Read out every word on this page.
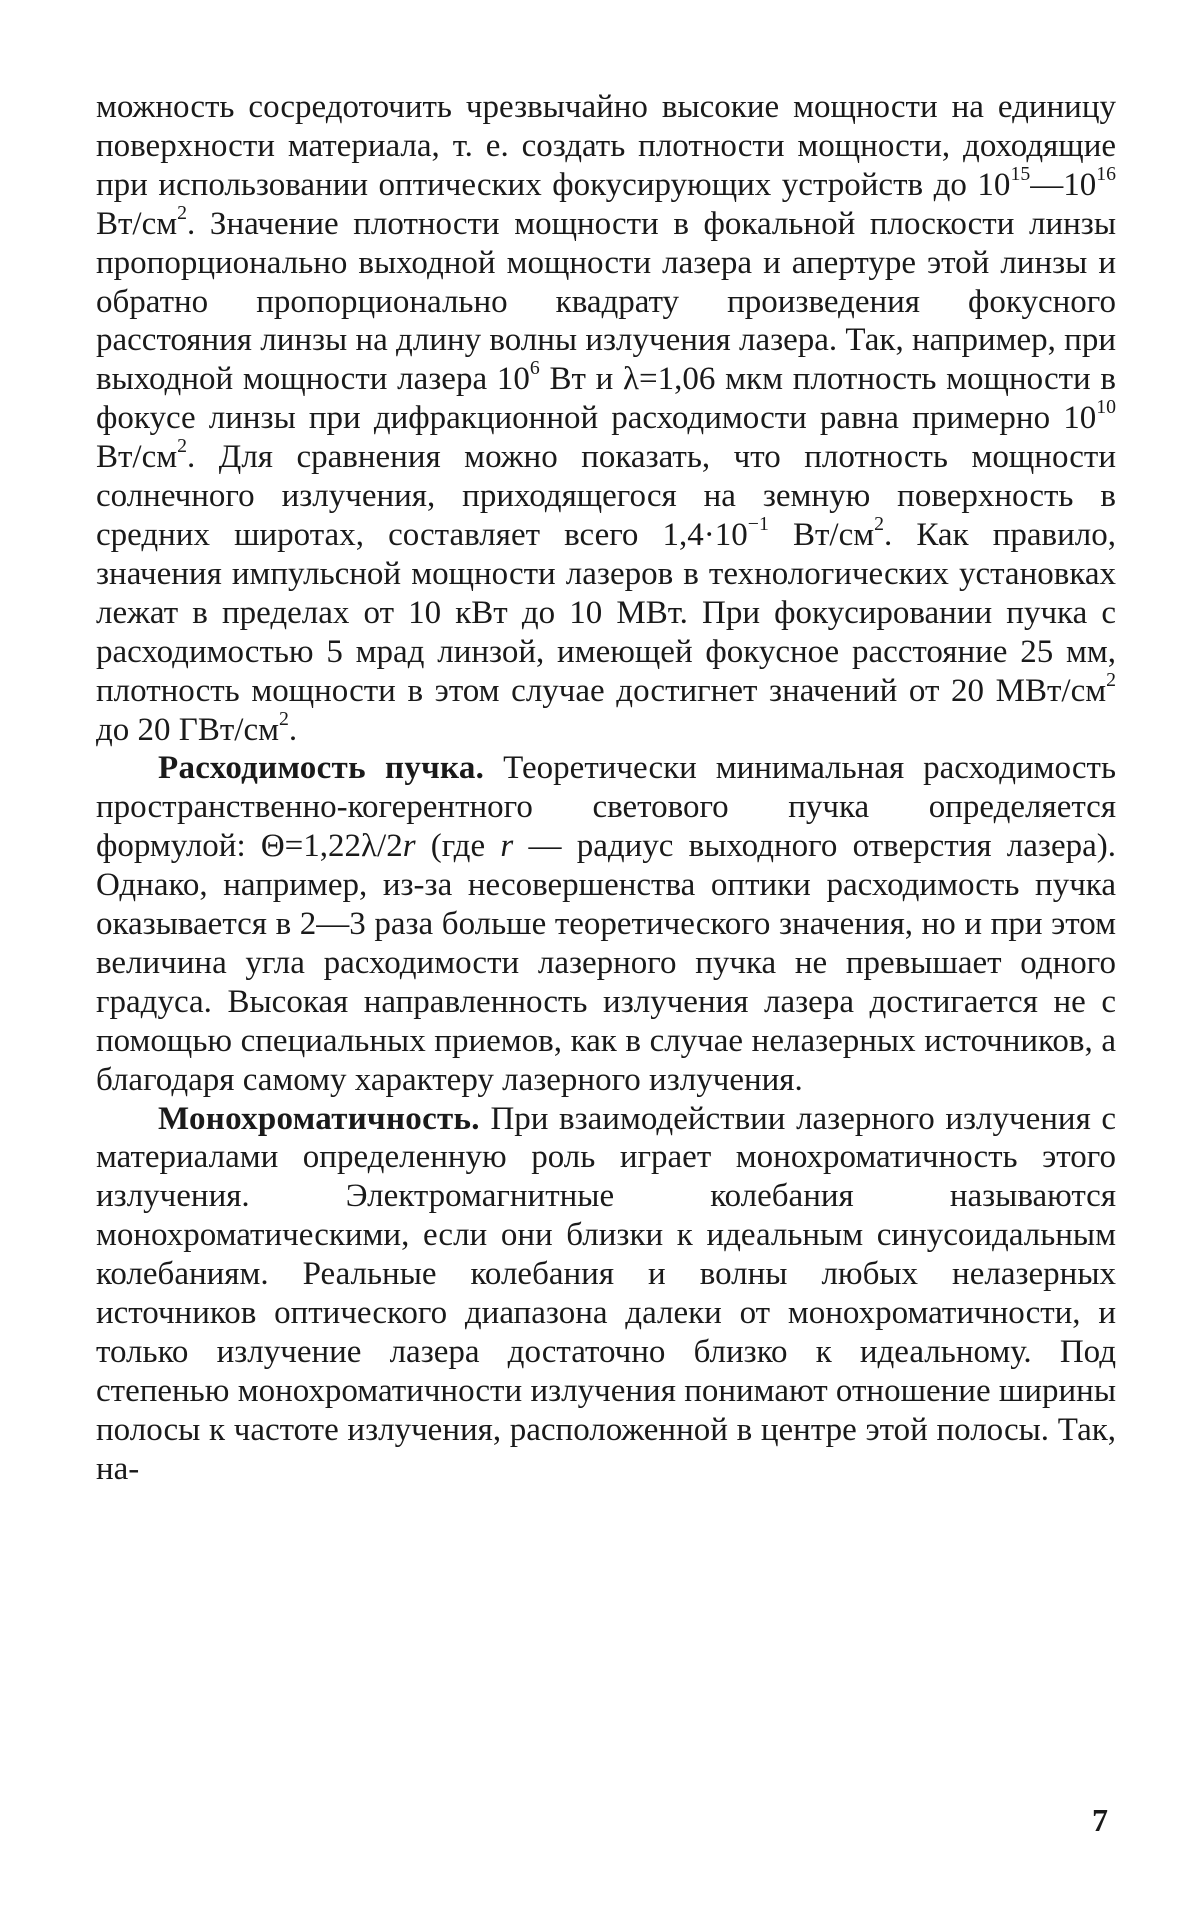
можность сосредоточить чрезвычайно высокие мощности на единицу поверхности материала, т. е. создать плотности мощности, доходящие при использовании оптических фокусирующих устройств до $10^{15}—10^{16}$ $Вт/см^2$. Значение плотности мощности в фокальной плоскости линзы пропорционально выходной мощности лазера и апертуре этой линзы и обратно пропорционально квадрату произведения фокусного расстояния линзы на длину волны излучения лазера. Так, например, при выходной мощности лазера $10^6$ Вт и λ=1,06 мкм плотность мощности в фокусе линзы при дифракционной расходимости равна примерно $10^{10}$ $Вт/см^2$. Для сравнения можно показать, что плотность мощности солнечного излучения, приходящегося на земную поверхность в средних широтах, составляет всего $1,4\cdot 10^{-1}$ $Вт/см^2$. Как правило, значения импульсной мощности лазеров в технологических установках лежат в пределах от 10 кВт до 10 МВт. При фокусировании пучка с расходимостью 5 мрад линзой, имеющей фокусное расстояние 25 мм, плотность мощности в этом случае достигнет значений от 20 МВт/$см^2$ до 20 ГВт/$см^2$.

Расходимость пучка. Теоретически минимальная расходимость пространственно-когерентного светового пучка определяется формулой: Θ=1,22λ/2r (где r — радиус выходного отверстия лазера). Однако, например, из-за несовершенства оптики расходимость пучка оказывается в 2—3 раза больше теоретического значения, но и при этом величина угла расходимости лазерного пучка не превышает одного градуса. Высокая направленность излучения лазера достигается не с помощью специальных приемов, как в случае нелазерных источников, а благодаря самому характеру лазерного излучения.

Монохроматичность. При взаимодействии лазерного излучения с материалами определенную роль играет монохроматичность этого излучения. Электромагнитные колебания называются монохроматическими, если они близки к идеальным синусоидальным колебаниям. Реальные колебания и волны любых нелазерных источников оптического диапазона далеки от монохроматичности, и только излучение лазера достаточно близко к идеальному. Под степенью монохроматичности излучения понимают отношение ширины полосы к частоте излучения, расположенной в центре этой полосы. Так, на-

7
